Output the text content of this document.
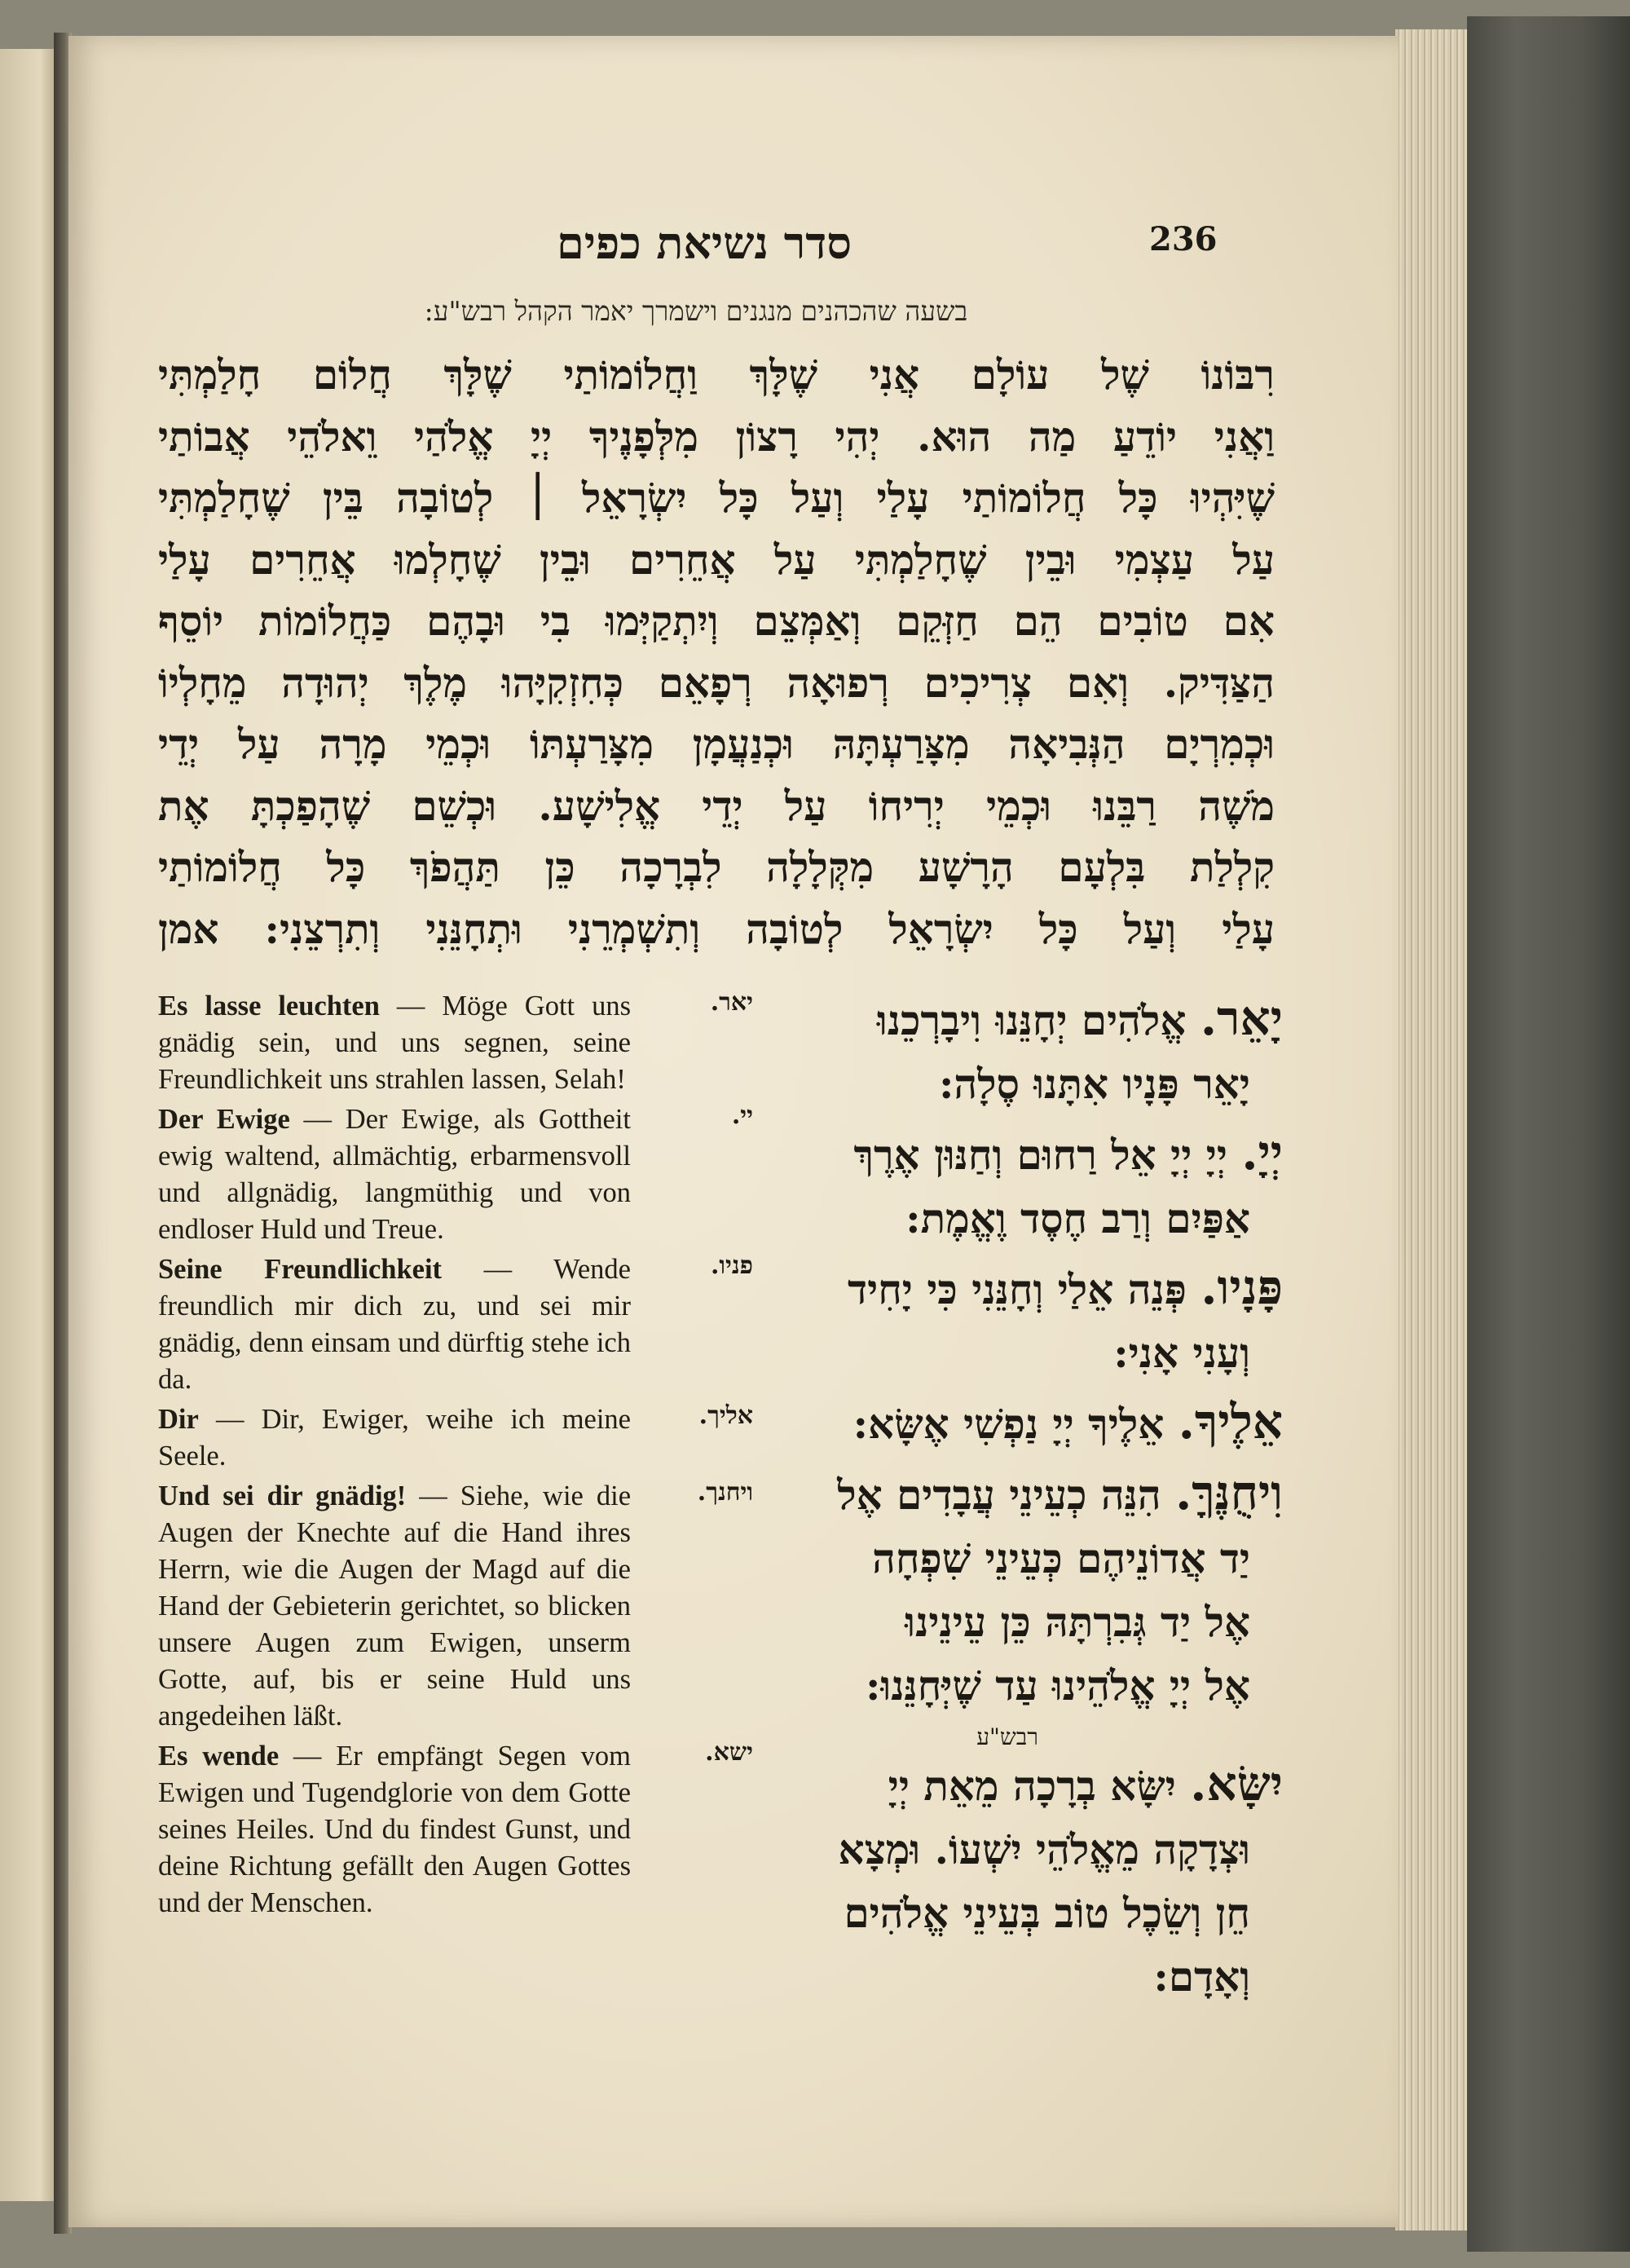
236
סדר נשיאת כפים
בשעה שהכהנים מנגנים וישמרך יאמר הקהל רבש"ע:
רִבּוֹנוֹ שֶׁל עוֹלָם אֲנִי שֶׁלָּךְ וַחֲלוֹמוֹתַי שֶׁלָּךְ חֲלוֹם חָלַמְתִּי
וַאֲנִי יוֹדֵעַ מַה הוּא. יְהִי רָצוֹן מִלְּפָנֶיךָ יְיָ אֱלֹהַי וֵאלֹהֵי אֲבוֹתַי
שֶׁיִּהְיוּ כָּל חֲלוֹמוֹתַי עָלַי וְעַל כָּל יִשְׂרָאֵל ׀ לְטוֹבָה בֵּין שֶׁחָלַמְתִּי
עַל עַצְמִי וּבֵין שֶׁחָלַמְתִּי עַל אֲחֵרִים וּבֵין שֶׁחָלְמוּ אֲחֵרִים עָלַי
אִם טוֹבִים הֵם חַזְּקֵם וְאַמְּצֵם וְיִתְקַיְּמוּ בִי וּבָהֶם כַּחֲלוֹמוֹת יוֹסֵף
הַצַּדִּיק. וְאִם צְרִיכִים רְפוּאָה רְפָאֵם כְּחִזְקִיָּהוּ מֶלֶךְ יְהוּדָה מֵחָלְיוֹ
וּכְמִרְיָם הַנְּבִיאָה מִצָּרַעְתָּהּ וּכְנַעֲמָן מִצָּרַעְתּוֹ וּכְמֵי מָרָה עַל יְדֵי
מֹשֶׁה רַבֵּנוּ וּכְמֵי יְרִיחוֹ עַל יְדֵי אֱלִישָׁע. וּכְשֵׁם שֶׁהָפַכְתָּ אֶת
קִלְלַת בִּלְעָם הָרָשָׁע מִקְּלָלָה לִבְרָכָה כֵּן תַּהֲפֹךְ כָּל חֲלוֹמוֹתַי
עָלַי וְעַל כָּל יִשְׂרָאֵל לְטוֹבָה וְתִשְׁמְרֵנִי וּתְחָנֵּנִי וְתִרְצֵנִי: אמן
Es lasse leuchten — Möge Gott uns gnädig sein, und uns segnen, seine Freundlichkeit uns strahlen lassen, Selah!
יאר.
Der Ewige — Der Ewige, als Gottheit ewig waltend, allmächtig, erbarmensvoll und allgnädig, langmüthig und von endloser Huld und Treue.
יי.
Seine Freundlichkeit — Wende freundlich mir dich zu, und sei mir gnädig, denn einsam und dürftig stehe ich da.
פניו.
Dir — Dir, Ewiger, weihe ich meine Seele.
אליך.
Und sei dir gnädig! — Siehe, wie die Augen der Knechte auf die Hand ihres Herrn, wie die Augen der Magd auf die Hand der Gebieterin gerichtet, so blicken unsere Augen zum Ewigen, unserm Gotte, auf, bis er seine Huld uns angedeihen läßt.
ויחנך.
Es wende — Er empfängt Segen vom Ewigen und Tugendglorie von dem Gotte seines Heiles. Und du findest Gunst, und deine Richtung gefällt den Augen Gottes und der Menschen.
ישא.
יָאֵר. אֱלֹהִים יְחָנֵּנוּ וִיבָרְכֵנוּ
יָאֵר פָּנָיו אִתָּנוּ סֶלָה:
יְיָ. יְיָ יְיָ אֵל רַחוּם וְחַנּוּן אֶרֶךְ
אַפַּיִם וְרַב חֶסֶד וֶאֱמֶת:
פָּנָיו. פְּנֵה אֵלַי וְחָנֵּנִי כִּי יָחִיד
וְעָנִי אָנִי:
אֵלֶיךָ. אֵלֶיךָ יְיָ נַפְשִׁי אֶשָּׂא:
וִיחֻנֶּךָּ. הִנֵּה כְעֵינֵי עֲבָדִים אֶל
יַד אֲדוֹנֵיהֶם כְּעֵינֵי שִׁפְחָה
אֶל יַד גְּבִרְתָּהּ כֵּן עֵינֵינוּ
אֶל יְיָ אֱלֹהֵינוּ עַד שֶׁיְּחָנֵּנוּ:
רבש"ע
יִשָּׂא. יִשָּׂא בְרָכָה מֵאֵת יְיָ
וּצְדָקָה מֵאֱלֹהֵי יִשְׁעוֹ. וּמְצָא
חֵן וְשֵׂכֶל טוֹב בְּעֵינֵי אֱלֹהִים
וְאָדָם:
